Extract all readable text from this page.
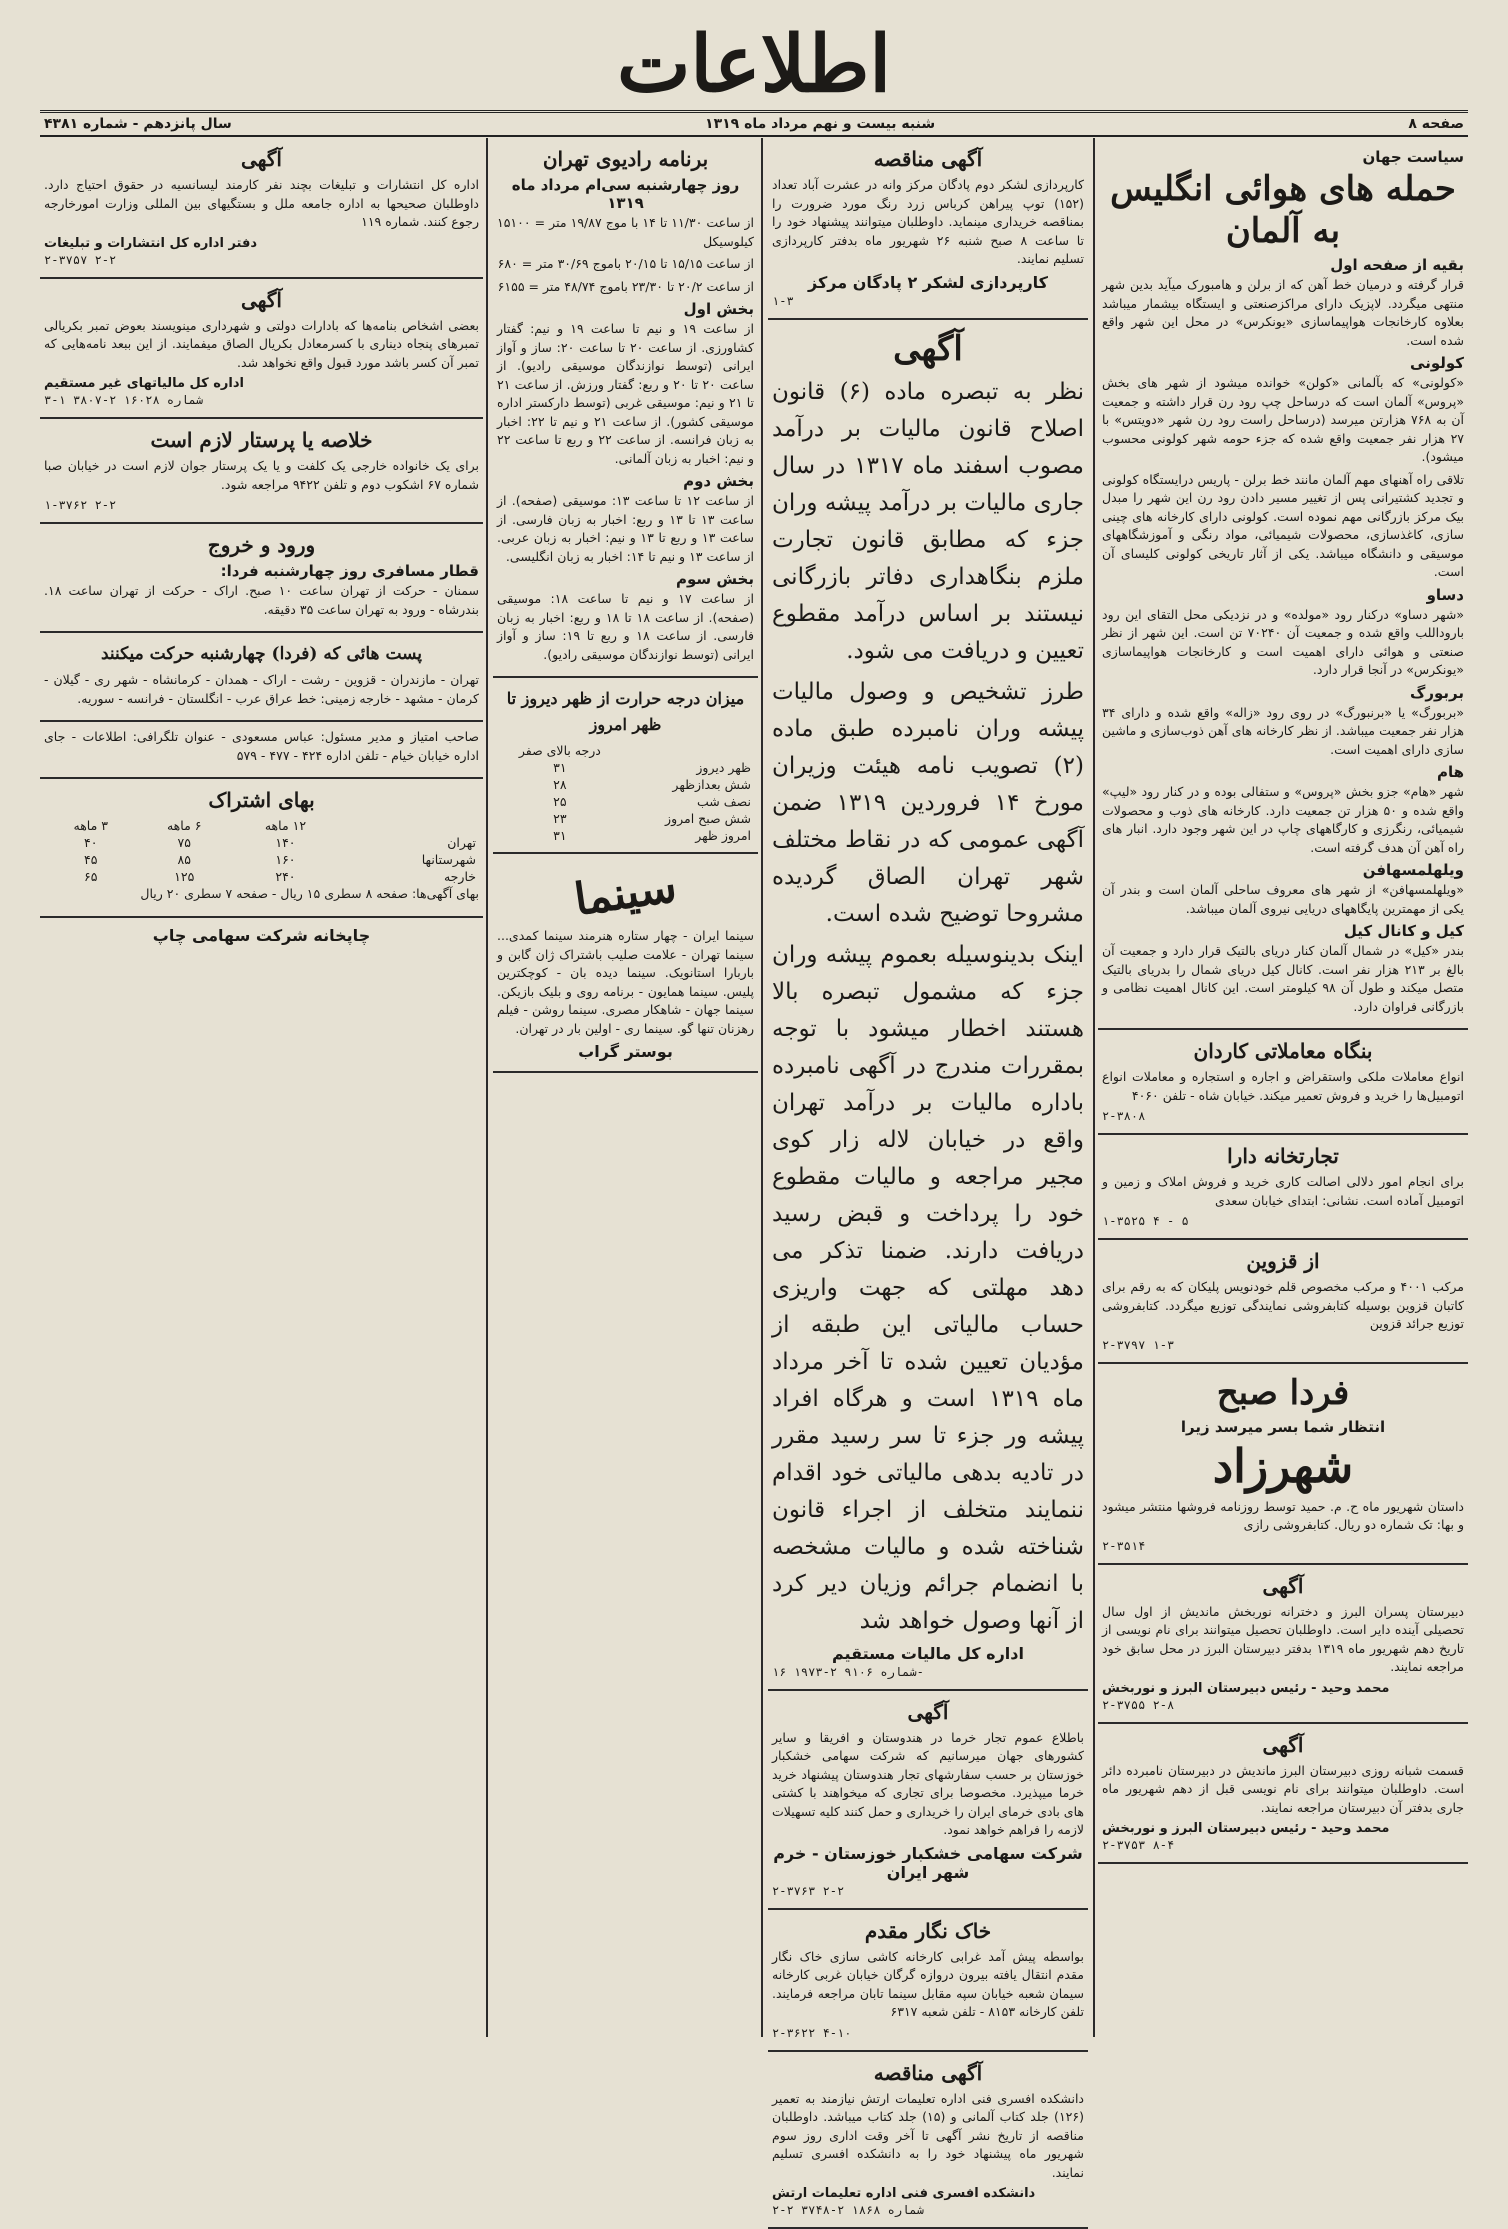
اطلاعات
صفحه ۸
شنبه بیست و نهم مرداد ماه ۱۳۱۹
سال پانزدهم - شماره ۴۳۸۱
سیاست جهان
حمله های هوائی انگلیس به آلمان
بقیه از صفحه اول

قرار گرفته و درمیان خط آهن که از برلن و هامبورک میآید بدین شهر منتهی میگردد. لاپزیک دارای مراکزصنعتی و ایستگاه بیشمار میباشد بعلاوه کارخانجات هواپیماسازی «یونکرس» در محل این شهر واقع شده است.

کولونی

«کولونی» که بآلمانی «کولن» خوانده میشود از شهر های بخش «پروس» آلمان است که درساحل چپ رود رن قرار داشته و جمعیت آن به ۷۶۸ هزارتن میرسد (درساحل راست رود رن شهر «دویتس» با ۲۷ هزار نفر جمعیت واقع شده که جزء حومه شهر کولونی محسوب میشود).

تلاقی راه آهنهای مهم آلمان مانند خط برلن - پاریس درایستگاه کولونی و تجدید کشتیرانی پس از تغییر مسیر دادن رود رن این شهر را مبدل بیک مرکز بازرگانی مهم نموده است. کولونی دارای کارخانه های چینی سازی، کاغذسازی، محصولات شیمیائی، مواد رنگی و آموزشگاههای موسیقی و دانشگاه میباشد. یکی از آثار تاریخی کولونی کلیسای آن است.

دساو

«شهر دساو» درکنار رود «مولده» و در نزدیکی محل التقای این رود باروداللب واقع شده و جمعیت آن ۷۰۲۴۰ تن است. این شهر از نظر صنعتی و هوائی دارای اهمیت است و کارخانجات هواپیماسازی «یونکرس» در آنجا قرار دارد.

بربورگ

«بربورگ» یا «برنبورگ» در روی رود «زاله» واقع شده و دارای ۳۴ هزار نفر جمعیت میباشد. از نظر کارخانه های آهن ذوب‌سازی و ماشین سازی دارای اهمیت است.

هام

شهر «هام» جزو بخش «پروس» و ستفالی بوده و در کنار رود «لیپ» واقع شده و ۵۰ هزار تن جمعیت دارد. کارخانه های ذوب و محصولات شیمیائی، رنگرزی و کارگاههای چاپ در این شهر وجود دارد. انبار های راه آهن آن هدف گرفته است.

ویلهلمسهافن

«ویلهلمسهافن» از شهر های معروف ساحلی آلمان است و بندر آن یکی از مهمترین پایگاههای دریایی نیروی آلمان میباشد.

کیل و کانال کیل

بندر «کیل» در شمال آلمان کنار دریای بالتیک قرار دارد و جمعیت آن بالغ بر ۲۱۳ هزار نفر است. کانال کیل دریای شمال را بدریای بالتیک متصل میکند و طول آن ۹۸ کیلومتر است. این کانال اهمیت نظامی و بازرگانی فراوان دارد.

بنگاه معاملاتی کاردان

انواع معاملات ملکی واستقراض و اجاره و استجاره و معاملات انواع اتومبیل‌ها را خرید و فروش تعمیر میکند. خیابان شاه - تلفن ۴۰۶۰

۲-۳۸۰۸
تجارتخانه دارا

برای انجام امور دلالی اصالت کاری خرید و فروش املاک و زمین و اتومبیل آماده است. نشانی: ابتدای خیابان سعدی

۱-۳۵۲۵ ۴ - ۵
از قزوین

مرکب ۴۰۰۱ و مرکب مخصوص قلم خودنویس پلیکان که به رقم برای کاتبان قزوین بوسیله کتابفروشی نمایندگی توزیع میگردد. کتابفروشی توزیع جرائد قزوین

۲-۳۷۹۷ ۱-۳
فردا صبح
انتظار شما بسر میرسد زیرا
شهرزاد

داستان شهریور ماه ح. م. حمید توسط روزنامه فروشها منتشر میشود و بها: تک شماره دو ریال. کتابفروشی رازی

۲-۳۵۱۴
آگهی

دبیرستان پسران البرز و دخترانه نوربخش ماندیش از اول سال تحصیلی آینده دایر است. داوطلبان تحصیل میتوانند برای نام نویسی از تاریخ دهم شهریور ماه ۱۳۱۹ بدفتر دبیرستان البرز در محل سابق خود مراجعه نمایند.

محمد وحید - رئیس دبیرستان البرز و نوربخش
۲-۳۷۵۵ ۲-۸
آگهی

قسمت شبانه روزی دبیرستان البرز ماندیش در دبیرستان نامبرده دائر است. داوطلبان میتوانند برای نام نویسی قبل از دهم شهریور ماه جاری بدفتر آن دبیرستان مراجعه نمایند.

محمد وحید - رئیس دبیرستان البرز و نوربخش
۲-۳۷۵۳ ۸-۴
آگهی مناقصه

کارپردازی لشکر دوم پادگان مرکز وانه در عشرت آباد تعداد (۱۵۲) توپ پیراهن کرباس زرد رنگ مورد ضرورت را بمناقصه خریداری مینماید. داوطلبان میتوانند پیشنهاد خود را تا ساعت ۸ صبح شنبه ۲۶ شهریور ماه بدفتر کارپردازی تسلیم نمایند.

کارپردازی لشکر ۲ پادگان مرکز
۱-۳
آگهی

نظر به تبصره ماده (۶) قانون اصلاح قانون مالیات بر درآمد مصوب اسفند ماه ۱۳۱۷ در سال جاری مالیات بر درآمد پیشه وران جزء که مطابق قانون تجارت ملزم بنگاهداری دفاتر بازرگانی نیستند بر اساس درآمد مقطوع تعیین و دریافت می شود.

طرز تشخیص و وصول مالیات پیشه وران نامبرده طبق ماده (۲) تصویب نامه هیئت وزیران مورخ ۱۴ فروردین ۱۳۱۹ ضمن آگهی عمومی که در نقاط مختلف شهر تهران الصاق گردیده مشروحا توضیح شده است.

اینک بدینوسیله بعموم پیشه وران جزء که مشمول تبصره بالا هستند اخطار میشود با توجه بمقررات مندرج در آگهی نامبرده باداره مالیات بر درآمد تهران واقع در خیابان لاله زار کوی مجیر مراجعه و مالیات مقطوع خود را پرداخت و قبض رسید دریافت دارند. ضمنا تذکر می دهد مهلتی که جهت واریزی حساب مالیاتی این طبقه از مؤدیان تعیین شده تا آخر مرداد ماه ۱۳۱۹ است و هرگاه افراد پیشه ور جزء تا سر رسید مقرر در تادیه بدهی مالیاتی خود اقدام ننمایند متخلف از اجراء قانون شناخته شده و مالیات مشخصه با انضمام جرائم وزیان دیر کرد از آنها وصول خواهد شد

اداره کل مالیات مستقیم
شماره ۹۱۰۶ ۲-۱۹۷۳ ۱۶-
آگهی

باطلاع عموم تجار خرما در هندوستان و افریقا و سایر کشورهای جهان میرسانیم که شرکت سهامی خشکبار خوزستان بر حسب سفارشهای تجار هندوستان پیشنهاد خرید خرما میپذیرد. مخصوصا برای تجاری که میخواهند با کشتی های بادی خرمای ایران را خریداری و حمل کنند کلیه تسهیلات لازمه را فراهم خواهد نمود.

شرکت سهامی خشکبار خوزستان - خرم شهر ایران
۲-۳۷۶۳ ۲-۲
خاک نگار مقدم

بواسطه پیش آمد غرابی کارخانه کاشی سازی خاک نگار مقدم انتقال یافته بیرون دروازه گرگان خیابان غربی کارخانه سیمان شعبه خیابان سپه مقابل سینما تابان مراجعه فرمایند. تلفن کارخانه ۸۱۵۳ - تلفن شعبه ۶۳۱۷

۲-۳۶۲۲ ۴-۱۰
آگهی مناقصه

دانشکده افسری فنی اداره تعلیمات ارتش نیازمند به تعمیر (۱۲۶) جلد کتاب آلمانی و (۱۵) جلد کتاب میباشد. داوطلبان مناقصه از تاریخ نشر آگهی تا آخر وقت اداری روز سوم شهریور ماه پیشنهاد خود را به دانشکده افسری تسلیم نمایند.

دانشکده افسری فنی اداره تعلیمات ارتش
شماره ۱۸۶۸ ۲-۳۷۴۸ ۲-۲
برنامه رادیوی تهران
روز چهارشنبه سی‌ام مرداد ماه ۱۳۱۹

از ساعت ۱۱/۳۰ تا ۱۴ با موج ۱۹/۸۷ متر = ۱۵۱۰۰ کیلوسیکل

از ساعت ۱۵/۱۵ تا ۲۰/۱۵ باموج ۳۰/۶۹ متر = ۶۸۰

از ساعت ۲۰/۲ تا ۲۳/۳۰ باموج ۴۸/۷۴ متر = ۶۱۵۵

بخش اول

از ساعت ۱۹ و نیم تا ساعت ۱۹ و نیم: گفتار کشاورزی. از ساعت ۲۰ تا ساعت ۲۰: ساز و آواز ایرانی (توسط نوازندگان موسیقی رادیو). از ساعت ۲۰ تا ۲۰ و ربع: گفتار ورزش. از ساعت ۲۱ تا ۲۱ و نیم: موسیقی غربی (توسط دارکستر اداره موسیقی کشور). از ساعت ۲۱ و نیم تا ۲۲: اخبار به زبان فرانسه. از ساعت ۲۲ و ربع تا ساعت ۲۲ و نیم: اخبار به زبان آلمانی.

بخش دوم

از ساعت ۱۲ تا ساعت ۱۳: موسیقی (صفحه). از ساعت ۱۳ تا ۱۳ و ربع: اخبار به زبان فارسی. از ساعت ۱۳ و ربع تا ۱۳ و نیم: اخبار به زبان عربی. از ساعت ۱۳ و نیم تا ۱۴: اخبار به زبان انگلیسی.

بخش سوم

از ساعت ۱۷ و نیم تا ساعت ۱۸: موسیقی (صفحه). از ساعت ۱۸ تا ۱۸ و ربع: اخبار به زبان فارسی. از ساعت ۱۸ و ربع تا ۱۹: ساز و آواز ایرانی (توسط نوازندگان موسیقی رادیو).

میزان درجه حرارت از ظهر دیروز تا ظهر امروز
	درجه بالای صفر
ظهر دیروز	۳۱
شش بعدازظهر	۲۸
نصف شب	۲۵
شش صبح امروز	۲۳
امروز ظهر	۳۱
سینما

سینما ایران - چهار ستاره هنرمند سینما کمدی... سینما تهران - علامت صلیب باشتراک ژان گابن و باربارا استانویک. سینما دیده بان - کوچکترین پلیس. سینما همایون - برنامه روی و بلیک بازیکن. سینما جهان - شاهکار مصری. سینما روشن - فیلم رهزنان تنها گو. سینما ری - اولین بار در تهران.

بوستر گراب
آگهی

اداره کل انتشارات و تبلیغات بچند نفر کارمند لیسانسیه در حقوق احتیاج دارد. داوطلبان صحیحها به اداره جامعه ملل و بستگیهای بین المللی وزارت امورخارجه رجوع کنند. شماره ۱۱۹

دفتر اداره کل انتشارات و تبلیغات
۲-۳۷۵۷ ۲-۲
آگهی

بعضی اشخاص بنامه‌ها که بادارات دولتی و شهرداری مینویسند بعوض تمبر بکریالی تمبرهای پنجاه دیناری با کسرمعادل بکریال الصاق میفمایند. از این ببعد نامه‌هایی که تمبر آن کسر باشد مورد قبول واقع نخواهد شد.

اداره کل مالیاتهای غیر مستقیم
شماره ۱۶۰۲۸ ۲-۳۸۰۷ ۱-۳
خلاصه یا پرستار لازم است

برای یک خانواده خارجی یک کلفت و یا یک پرستار جوان لازم است در خیابان صبا شماره ۶۷ اشکوب دوم و تلفن ۹۴۲۲ مراجعه شود.

۱-۳۷۶۲ ۲-۲
ورود و خروج
قطار مسافری روز چهارشنبه فردا:

سمنان - حرکت از تهران ساعت ۱۰ صبح. اراک - حرکت از تهران ساعت ۱۸. بندرشاه - ورود به تهران ساعت ۳۵ دقیقه.

پست هائی که (فردا) چهارشنبه حرکت میکنند

تهران - مازندران - قزوین - رشت - اراک - همدان - کرمانشاه - شهر ری - گیلان - کرمان - مشهد - خارجه زمینی: خط عراق عرب - انگلستان - فرانسه - سوریه.

صاحب امتیاز و مدیر مسئول: عباس مسعودی - عنوان تلگرافی: اطلاعات - جای اداره خیابان خیام - تلفن اداره ۴۲۴ - ۴۷۷ - ۵۷۹

بهای اشتراک
	۱۲ ماهه	۶ ماهه	۳ ماهه
تهران	۱۴۰	۷۵	۴۰
شهرستانها	۱۶۰	۸۵	۴۵
خارجه	۲۴۰	۱۲۵	۶۵

بهای آگهی‌ها: صفحه ۸ سطری ۱۵ ریال - صفحه ۷ سطری ۲۰ ریال

چاپخانه شرکت سهامی چاپ
